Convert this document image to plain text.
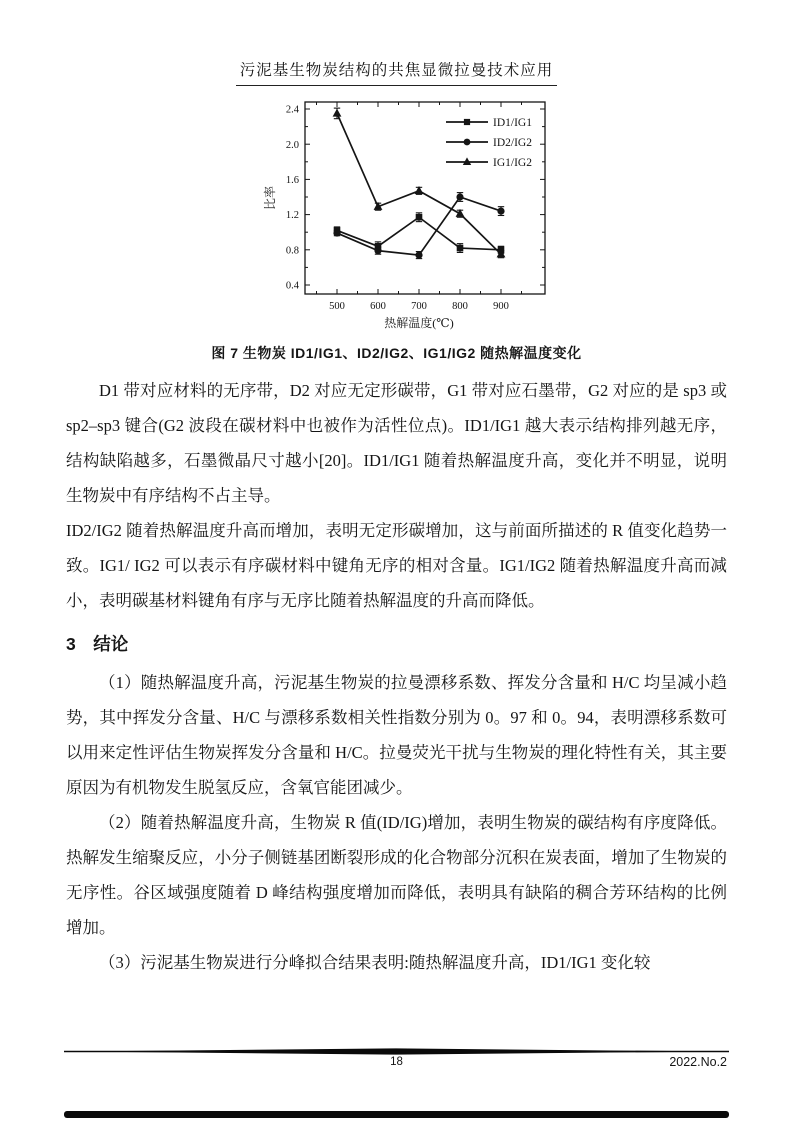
污泥基生物炭结构的共焦显微拉曼技术应用
500 600 700 800 900
0.4
0.8
1.2
1.6
2.0
2.4
ID1/IG1
ID2/IG2
IG1/IG2
热解温度(℃)
比率
图 7 生物炭 ID1/IG1、ID2/IG2、IG1/IG2 随热解温度变化

D1 带对应材料的无序带，D2 对应无定形碳带，G1 带对应石墨带，G2 对应的是 sp3 或 sp2–sp3 键合(G2 波段在碳材料中也被作为活性位点)。ID1/IG1 越大表示结构排列越无序，结构缺陷越多，石墨微晶尺寸越小[20]。ID1/IG1 随着热解温度升高，变化并不明显，说明生物炭中有序结构不占主导。

ID2/IG2 随着热解温度升高而增加，表明无定形碳增加，这与前面所描述的 R 值变化趋势一致。IG1/ IG2 可以表示有序碳材料中键角无序的相对含量。IG1/IG2 随着热解温度升高而减小，表明碳基材料键角有序与无序比随着热解温度的升高而降低。

3　结论

（1）随热解温度升高，污泥基生物炭的拉曼漂移系数、挥发分含量和 H/C 均呈减小趋势，其中挥发分含量、H/C 与漂移系数相关性指数分别为 0。97 和 0。94，表明漂移系数可以用来定性评估生物炭挥发分含量和 H/C。拉曼荧光干扰与生物炭的理化特性有关，其主要原因为有机物发生脱氢反应，含氧官能团减少。

（2）随着热解温度升高，生物炭 R 值(ID/IG)增加，表明生物炭的碳结构有序度降低。热解发生缩聚反应，小分子侧链基团断裂形成的化合物部分沉积在炭表面，增加了生物炭的无序性。谷区域强度随着 D 峰结构强度增加而降低，表明具有缺陷的稠合芳环结构的比例增加。

（3）污泥基生物炭进行分峰拟合结果表明:随热解温度升高，ID1/IG1 变化较

18	2022.No.2
